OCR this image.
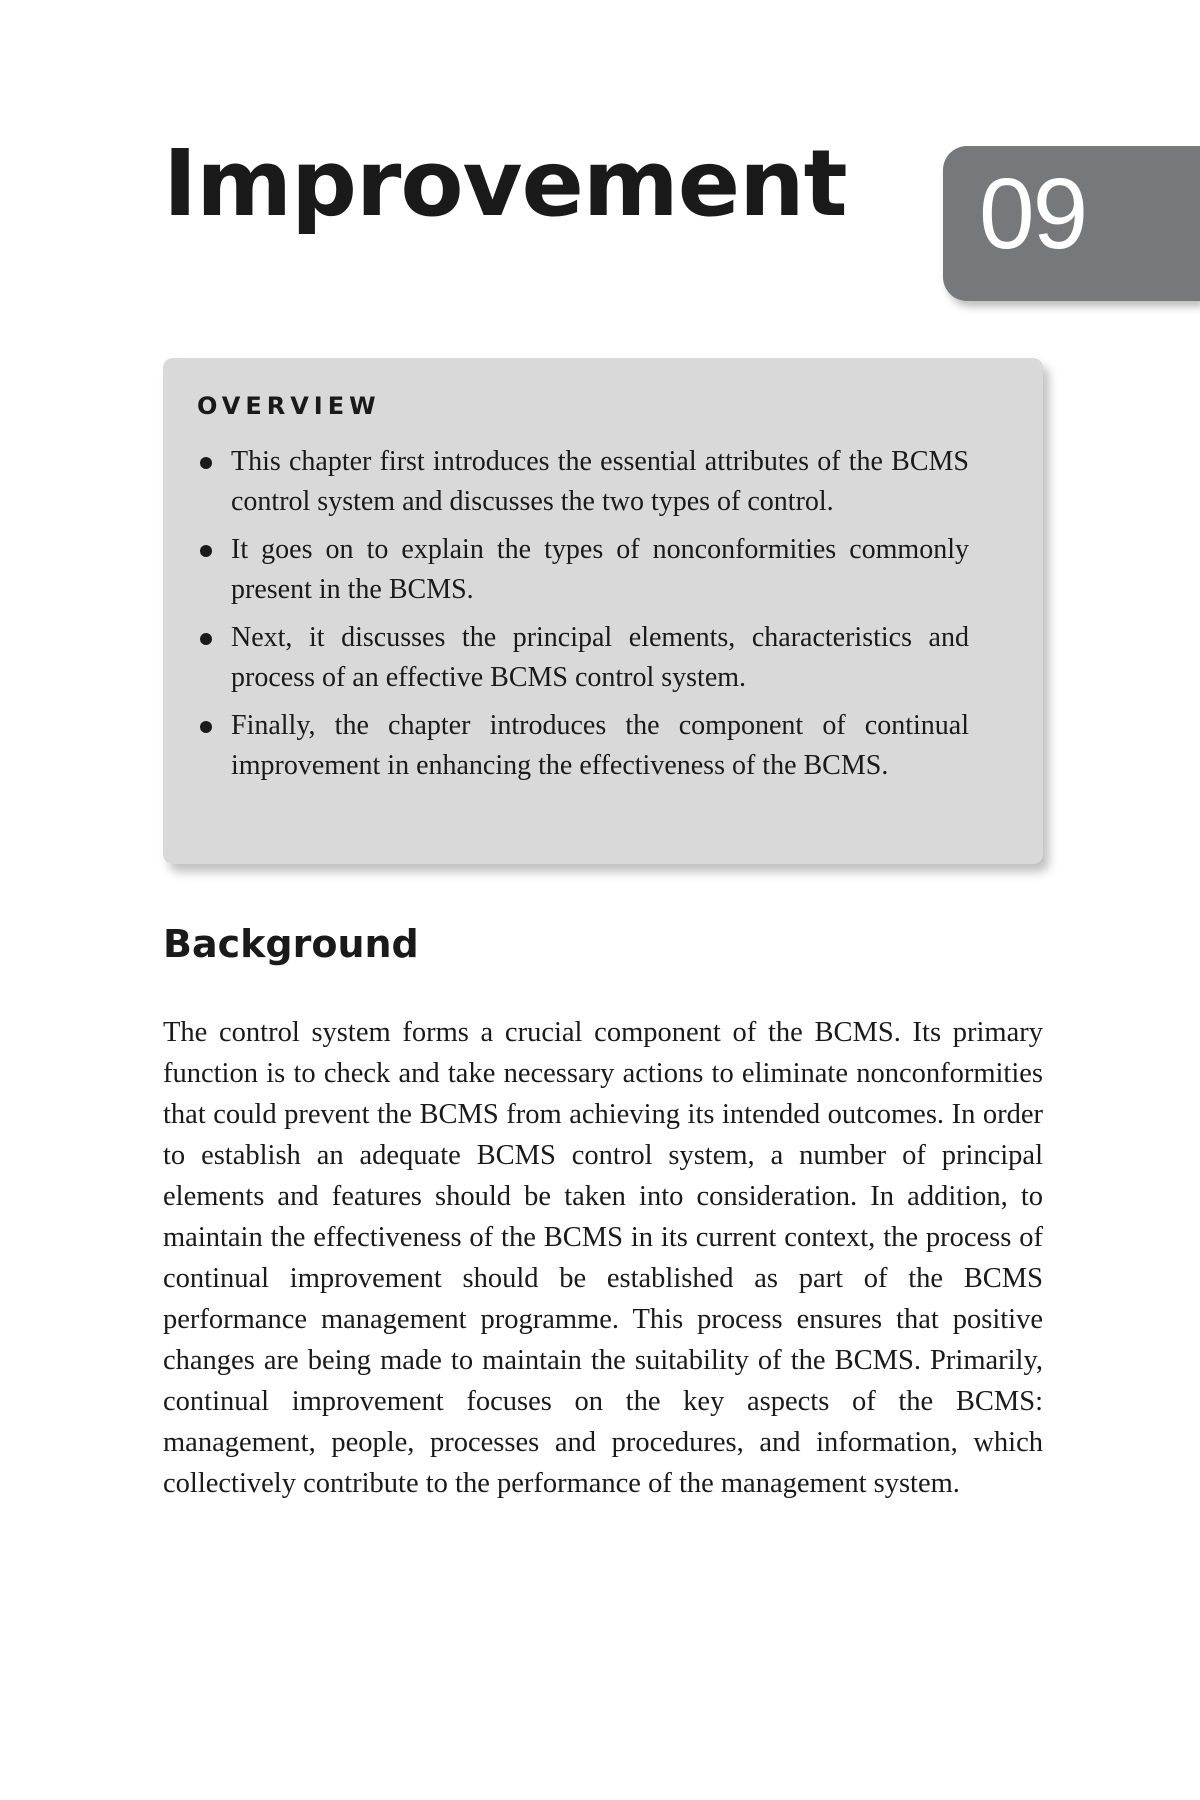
Improvement 09
OVERVIEW
This chapter first introduces the essential attributes of the BCMS control system and discusses the two types of control.
It goes on to explain the types of nonconformities commonly present in the BCMS.
Next, it discusses the principal elements, characteristics and process of an effective BCMS control system.
Finally, the chapter introduces the component of continual improvement in enhancing the effectiveness of the BCMS.
Background

The control system forms a crucial component of the BCMS. Its primary function is to check and take necessary actions to eliminate nonconformities that could prevent the BCMS from achieving its intended outcomes. In order to establish an adequate BCMS control system, a number of principal elements and features should be taken into consideration. In addition, to maintain the effectiveness of the BCMS in its current context, the process of continual improvement should be established as part of the BCMS performance management programme. This process ensures that positive changes are being made to maintain the suitability of the BCMS. Primarily, continual improvement focuses on the key aspects of the BCMS: management, people, processes and procedures, and information, which collectively contribute to the performance of the management system.
